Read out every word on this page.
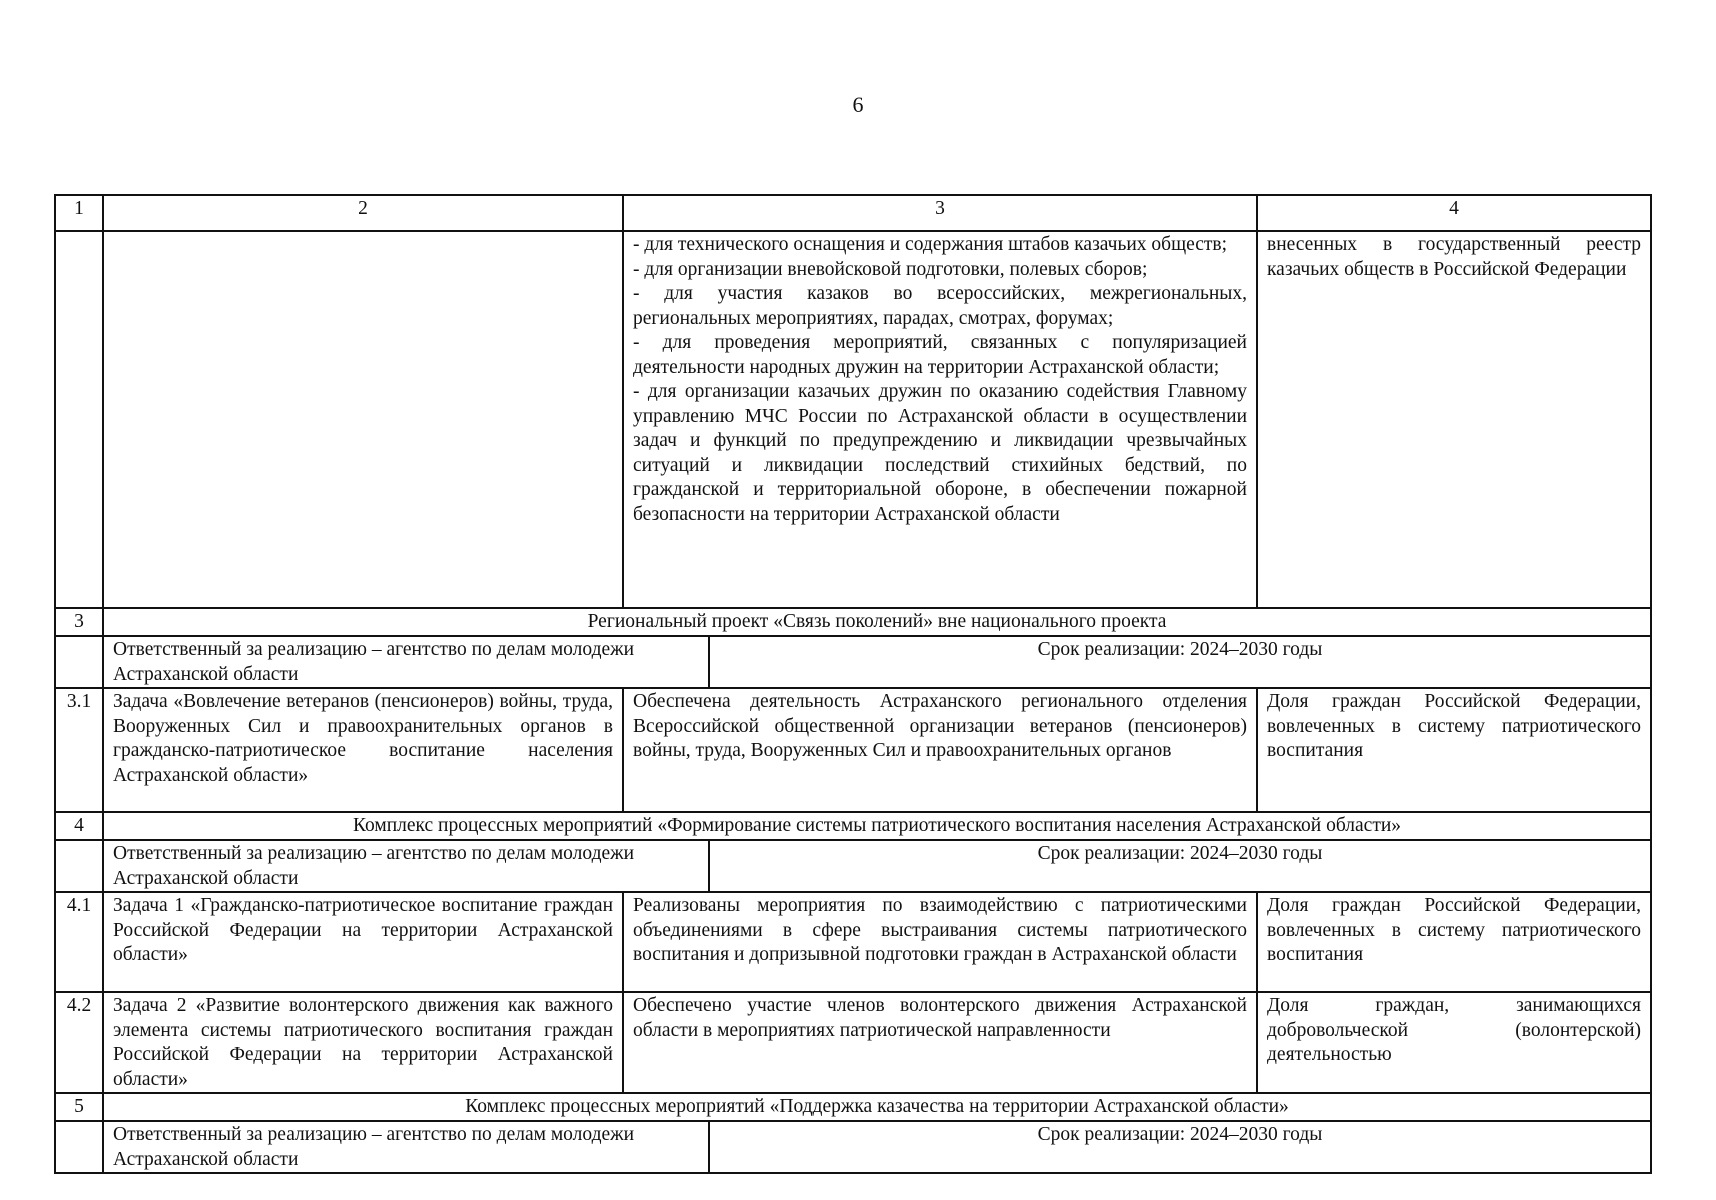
6
1	2	3		4
		- для технического оснащения и содержания штабов казачьих обществ;
- для организации вневойсковой подготовки, полевых сборов;
- для участия казаков во всероссийских, межрегиональных, региональных мероприятиях, парадах, смотрах, форумах;
- для проведения мероприятий, связанных с популяризацией деятельности народных дружин на территории Астраханской области;
- для организации казачьих дружин по оказанию содействия Главному управлению МЧС России по Астраханской области в осуществлении задач и функций по предупреждению и ликвидации чрезвычайных ситуаций и ликвидации последствий стихийных бедствий, по гражданской и территориальной обороне, в обеспечении пожарной безопасности на территории Астраханской области		внесенных в государственный реестр казачьих обществ в Российской Федерации
3	Региональный проект «Связь поколений» вне национального проекта			
	Ответственный за реализацию – агентство по делам молодежи Астраханской области		Срок реализации: 2024–2030 годы	
3.1	Задача «Вовлечение ветеранов (пенсионеров) войны, труда, Вооруженных Сил и правоохранительных органов в гражданско-патриотическое воспитание населения Астраханской области»	Обеспечена деятельность Астраханского регионального отделения Всероссийской общественной организации ветеранов (пенсионеров) войны, труда, Вооруженных Сил и правоохранительных органов		Доля граждан Российской Федерации, вовлеченных в систему патриотического воспитания
4	Комплекс процессных мероприятий «Формирование системы патриотического воспитания населения Астраханской области»			
	Ответственный за реализацию – агентство по делам молодежи Астраханской области		Срок реализации: 2024–2030 годы	
4.1	Задача 1 «Гражданско-патриотическое воспитание граждан Российской Федерации на территории Астраханской области»	Реализованы мероприятия по взаимодействию с патриотическими объединениями в сфере выстраивания системы патриотического воспитания и допризывной подготовки граждан в Астраханской области		Доля граждан Российской Федерации, вовлеченных в систему патриотического воспитания
4.2	Задача 2 «Развитие волонтерского движения как важного элемента системы патриотического воспитания граждан Российской Федерации на территории Астраханской области»	Обеспечено участие членов волонтерского движения Астраханской области в мероприятиях патриотической направленности		Доля граждан, занимающихся добровольческой (волонтерской) деятельностью
5	Комплекс процессных мероприятий «Поддержка казачества на территории Астраханской области»			
	Ответственный за реализацию – агентство по делам молодежи Астраханской области		Срок реализации: 2024–2030 годы	
